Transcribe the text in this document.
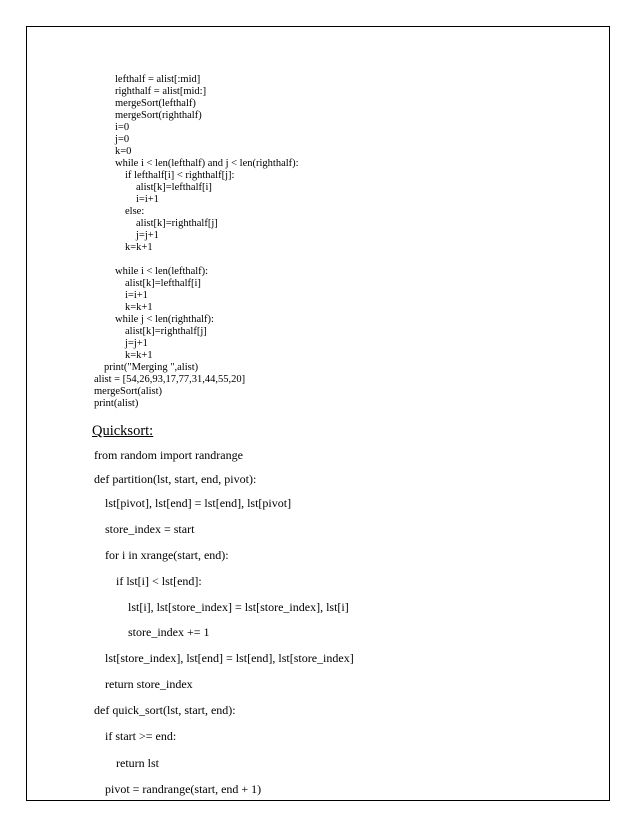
lefthalf = alist[:mid]
righthalf = alist[mid:]
mergeSort(lefthalf)
mergeSort(righthalf)
i=0
j=0
k=0
while i < len(lefthalf) and j < len(righthalf):
if lefthalf[i] < righthalf[j]:
alist[k]=lefthalf[i]
i=i+1
else:
alist[k]=righthalf[j]
j=j+1
k=k+1
while i < len(lefthalf):
alist[k]=lefthalf[i]
i=i+1
k=k+1
while j < len(righthalf):
alist[k]=righthalf[j]
j=j+1
k=k+1
print("Merging ",alist)
alist = [54,26,93,17,77,31,44,55,20]
mergeSort(alist)
print(alist)
Quicksort:
from random import randrange
def partition(lst, start, end, pivot):
lst[pivot], lst[end] = lst[end], lst[pivot]
store_index = start
for i in xrange(start, end):
if lst[i] < lst[end]:
lst[i], lst[store_index] = lst[store_index], lst[i]
store_index += 1
lst[store_index], lst[end] = lst[end], lst[store_index]
return store_index
def quick_sort(lst, start, end):
if start >= end:
return lst
pivot = randrange(start, end + 1)
